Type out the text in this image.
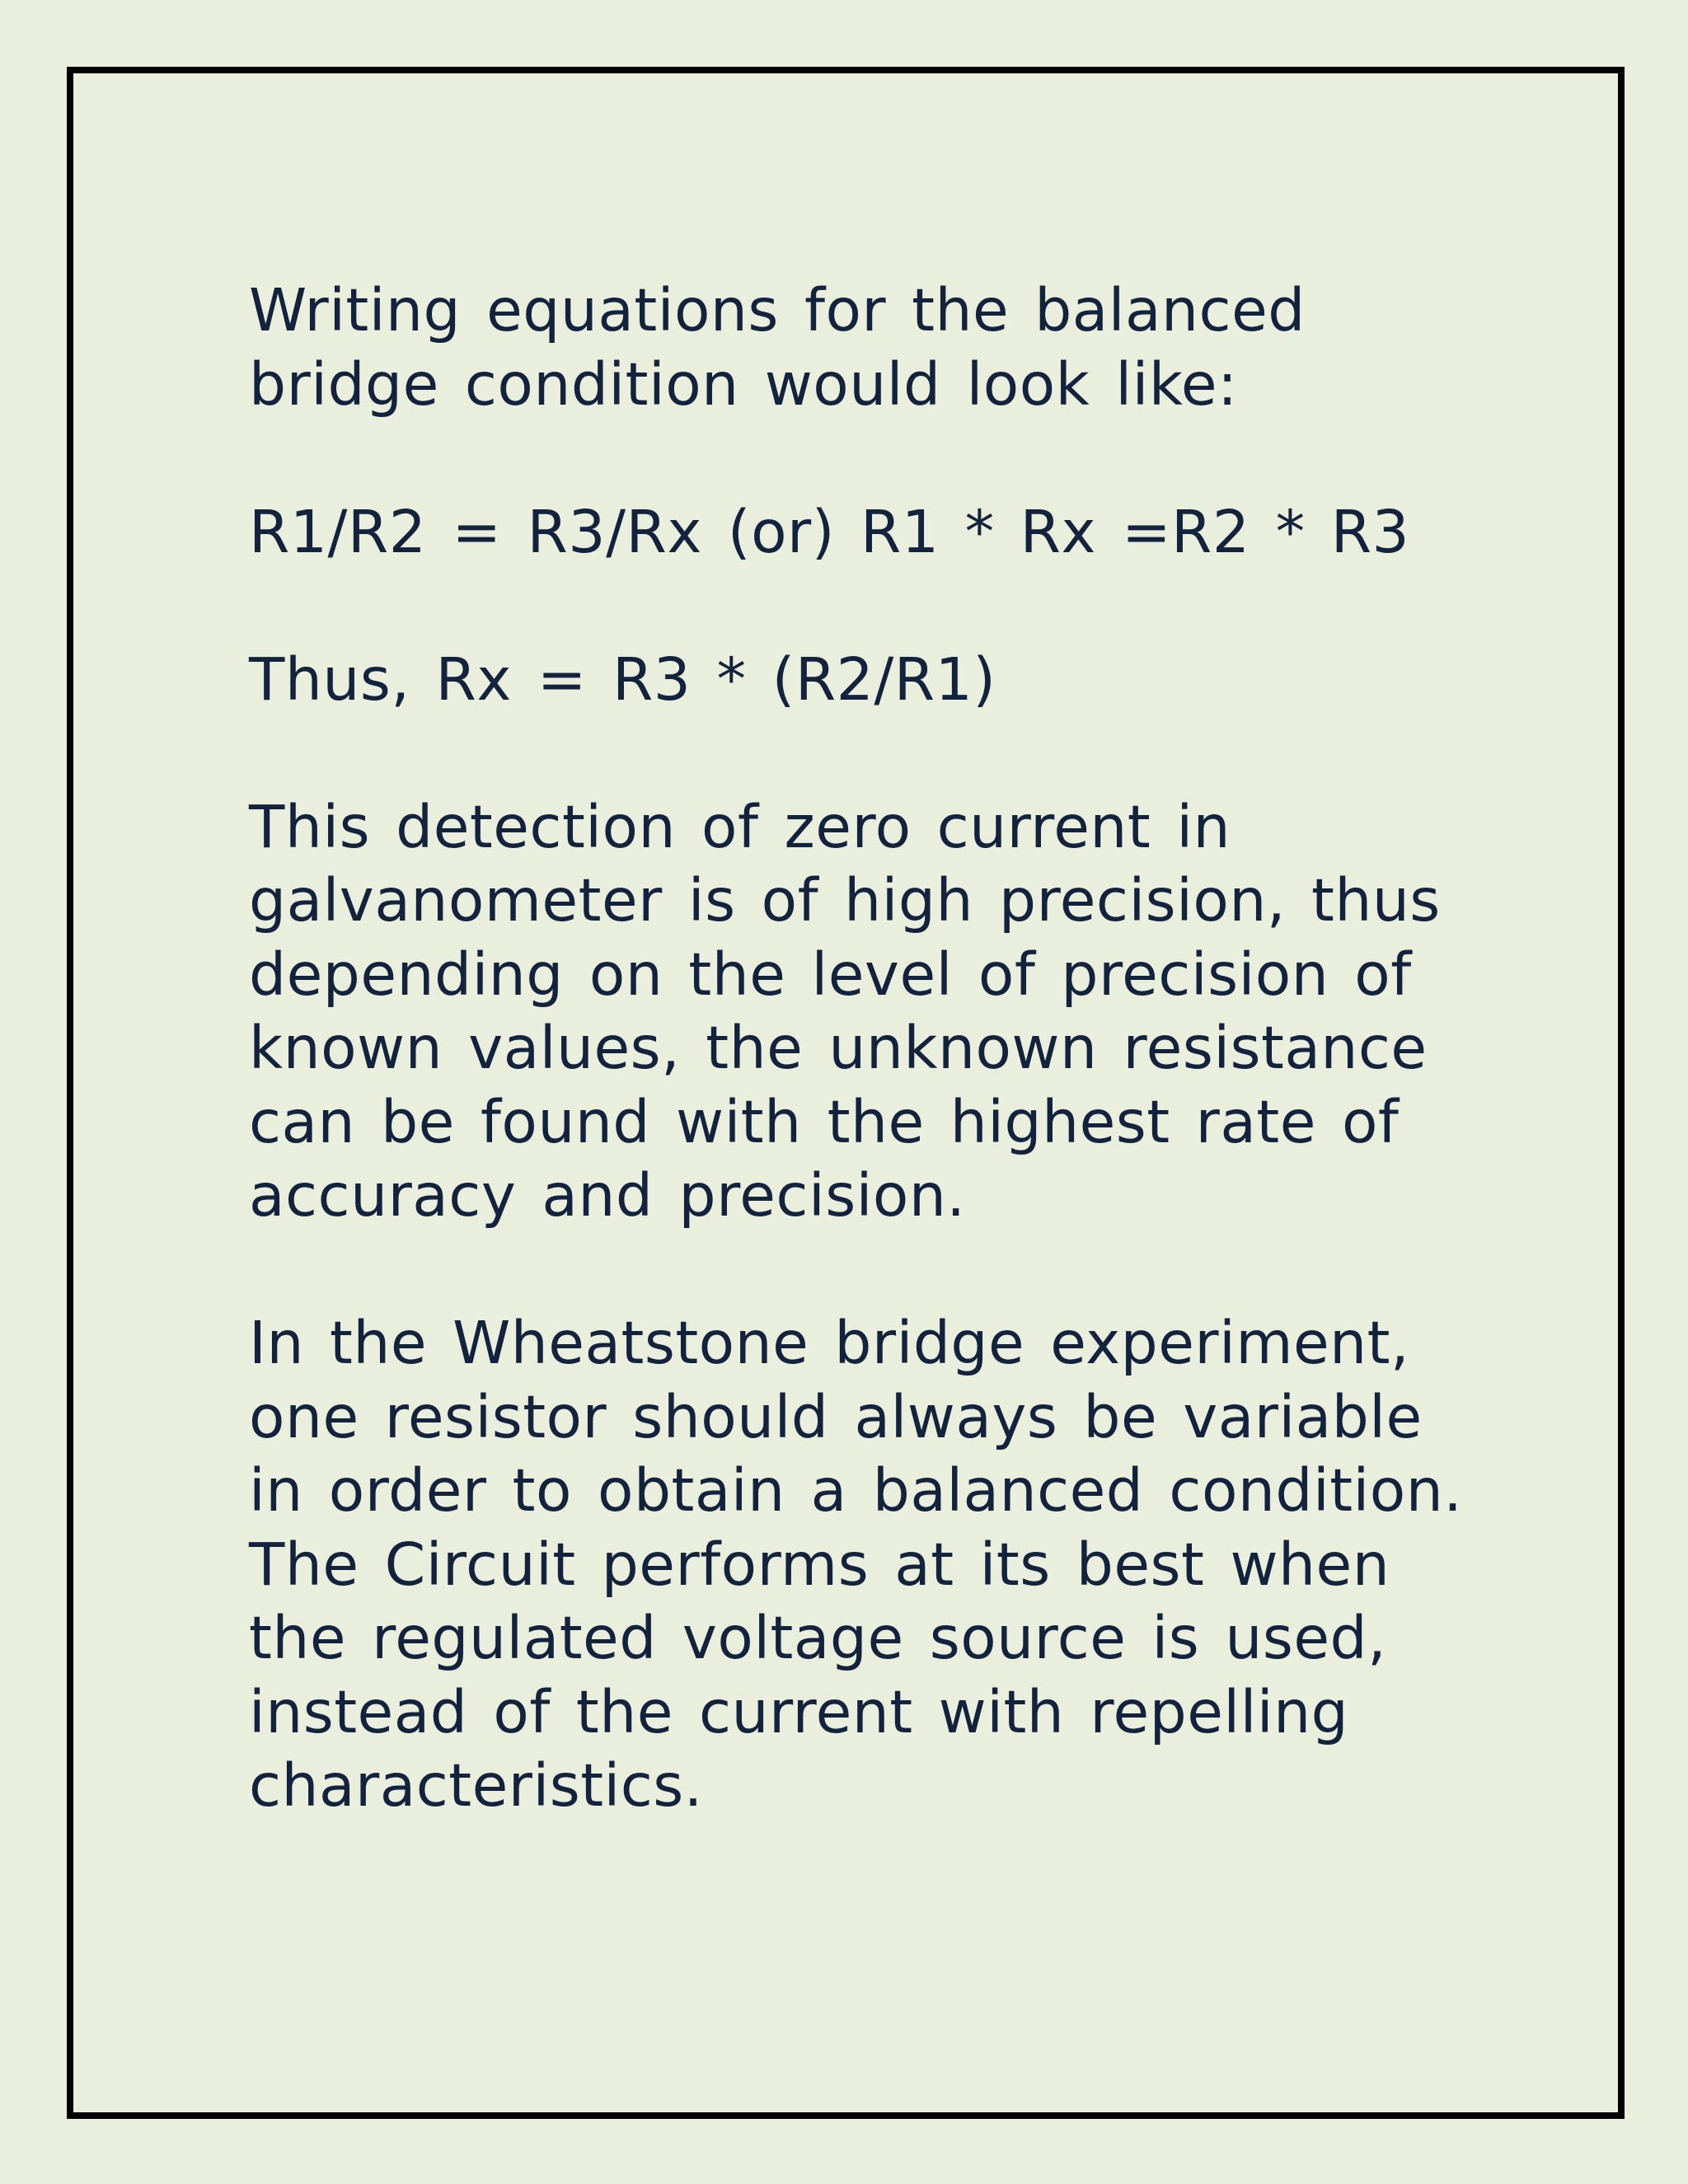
Writing equations for the balanced
bridge condition would look like:

R1/R2 = R3/Rx (or) R1 * Rx =R2 * R3

Thus, Rx = R3 * (R2/R1)

This detection of zero current in
galvanometer is of high precision, thus
depending on the level of precision of
known values, the unknown resistance
can be found with the highest rate of
accuracy and precision.

In the Wheatstone bridge experiment,
one resistor should always be variable
in order to obtain a balanced condition.
The Circuit performs at its best when
the regulated voltage source is used,
instead of the current with repelling
characteristics.
